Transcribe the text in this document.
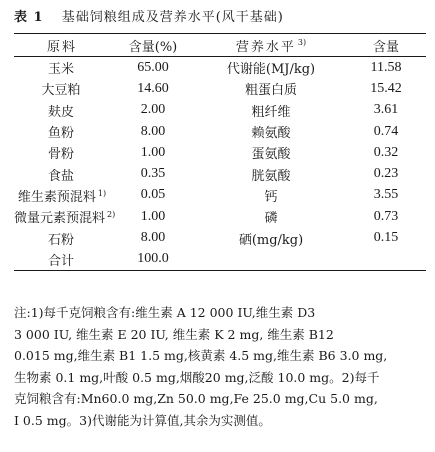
表 1 基础饲粮组成及营养水平(风干基础)
原料	含量(%)	营养水平 $^{3)}$	含量
玉米	65.00	代谢能(MJ/kg)	11.58
大豆粕	14.60	粗蛋白质	15.42
麸皮	2.00	粗纤维	3.61
鱼粉	8.00	赖氨酸	0.74
骨粉	1.00	蛋氨酸	0.32
食盐	0.35	胱氨酸	0.23
维生素预混料 $^{1)}$	0.05	钙	3.55
微量元素预混料 $^{2)}$	1.00	磷	0.73
石粉	8.00	硒(mg/kg)	0.15
合计	100.0		

注:1)每千克饲粮含有:维生素 A 12 000 IU,维生素 D3

3 000 IU, 维生素 E 20 IU, 维生素 K 2 mg, 维生素 B12

0.015 mg,维生素 B1 1.5 mg,核黄素 4.5 mg,维生素 B6 3.0 mg,

生物素 0.1 mg,叶酸 0.5 mg,烟酸20 mg,泛酸 10.0 mg。2)每千

克饲粮含有:Mn60.0 mg,Zn 50.0 mg,Fe 25.0 mg,Cu 5.0 mg,

I 0.5 mg。3)代谢能为计算值,其余为实测值。
